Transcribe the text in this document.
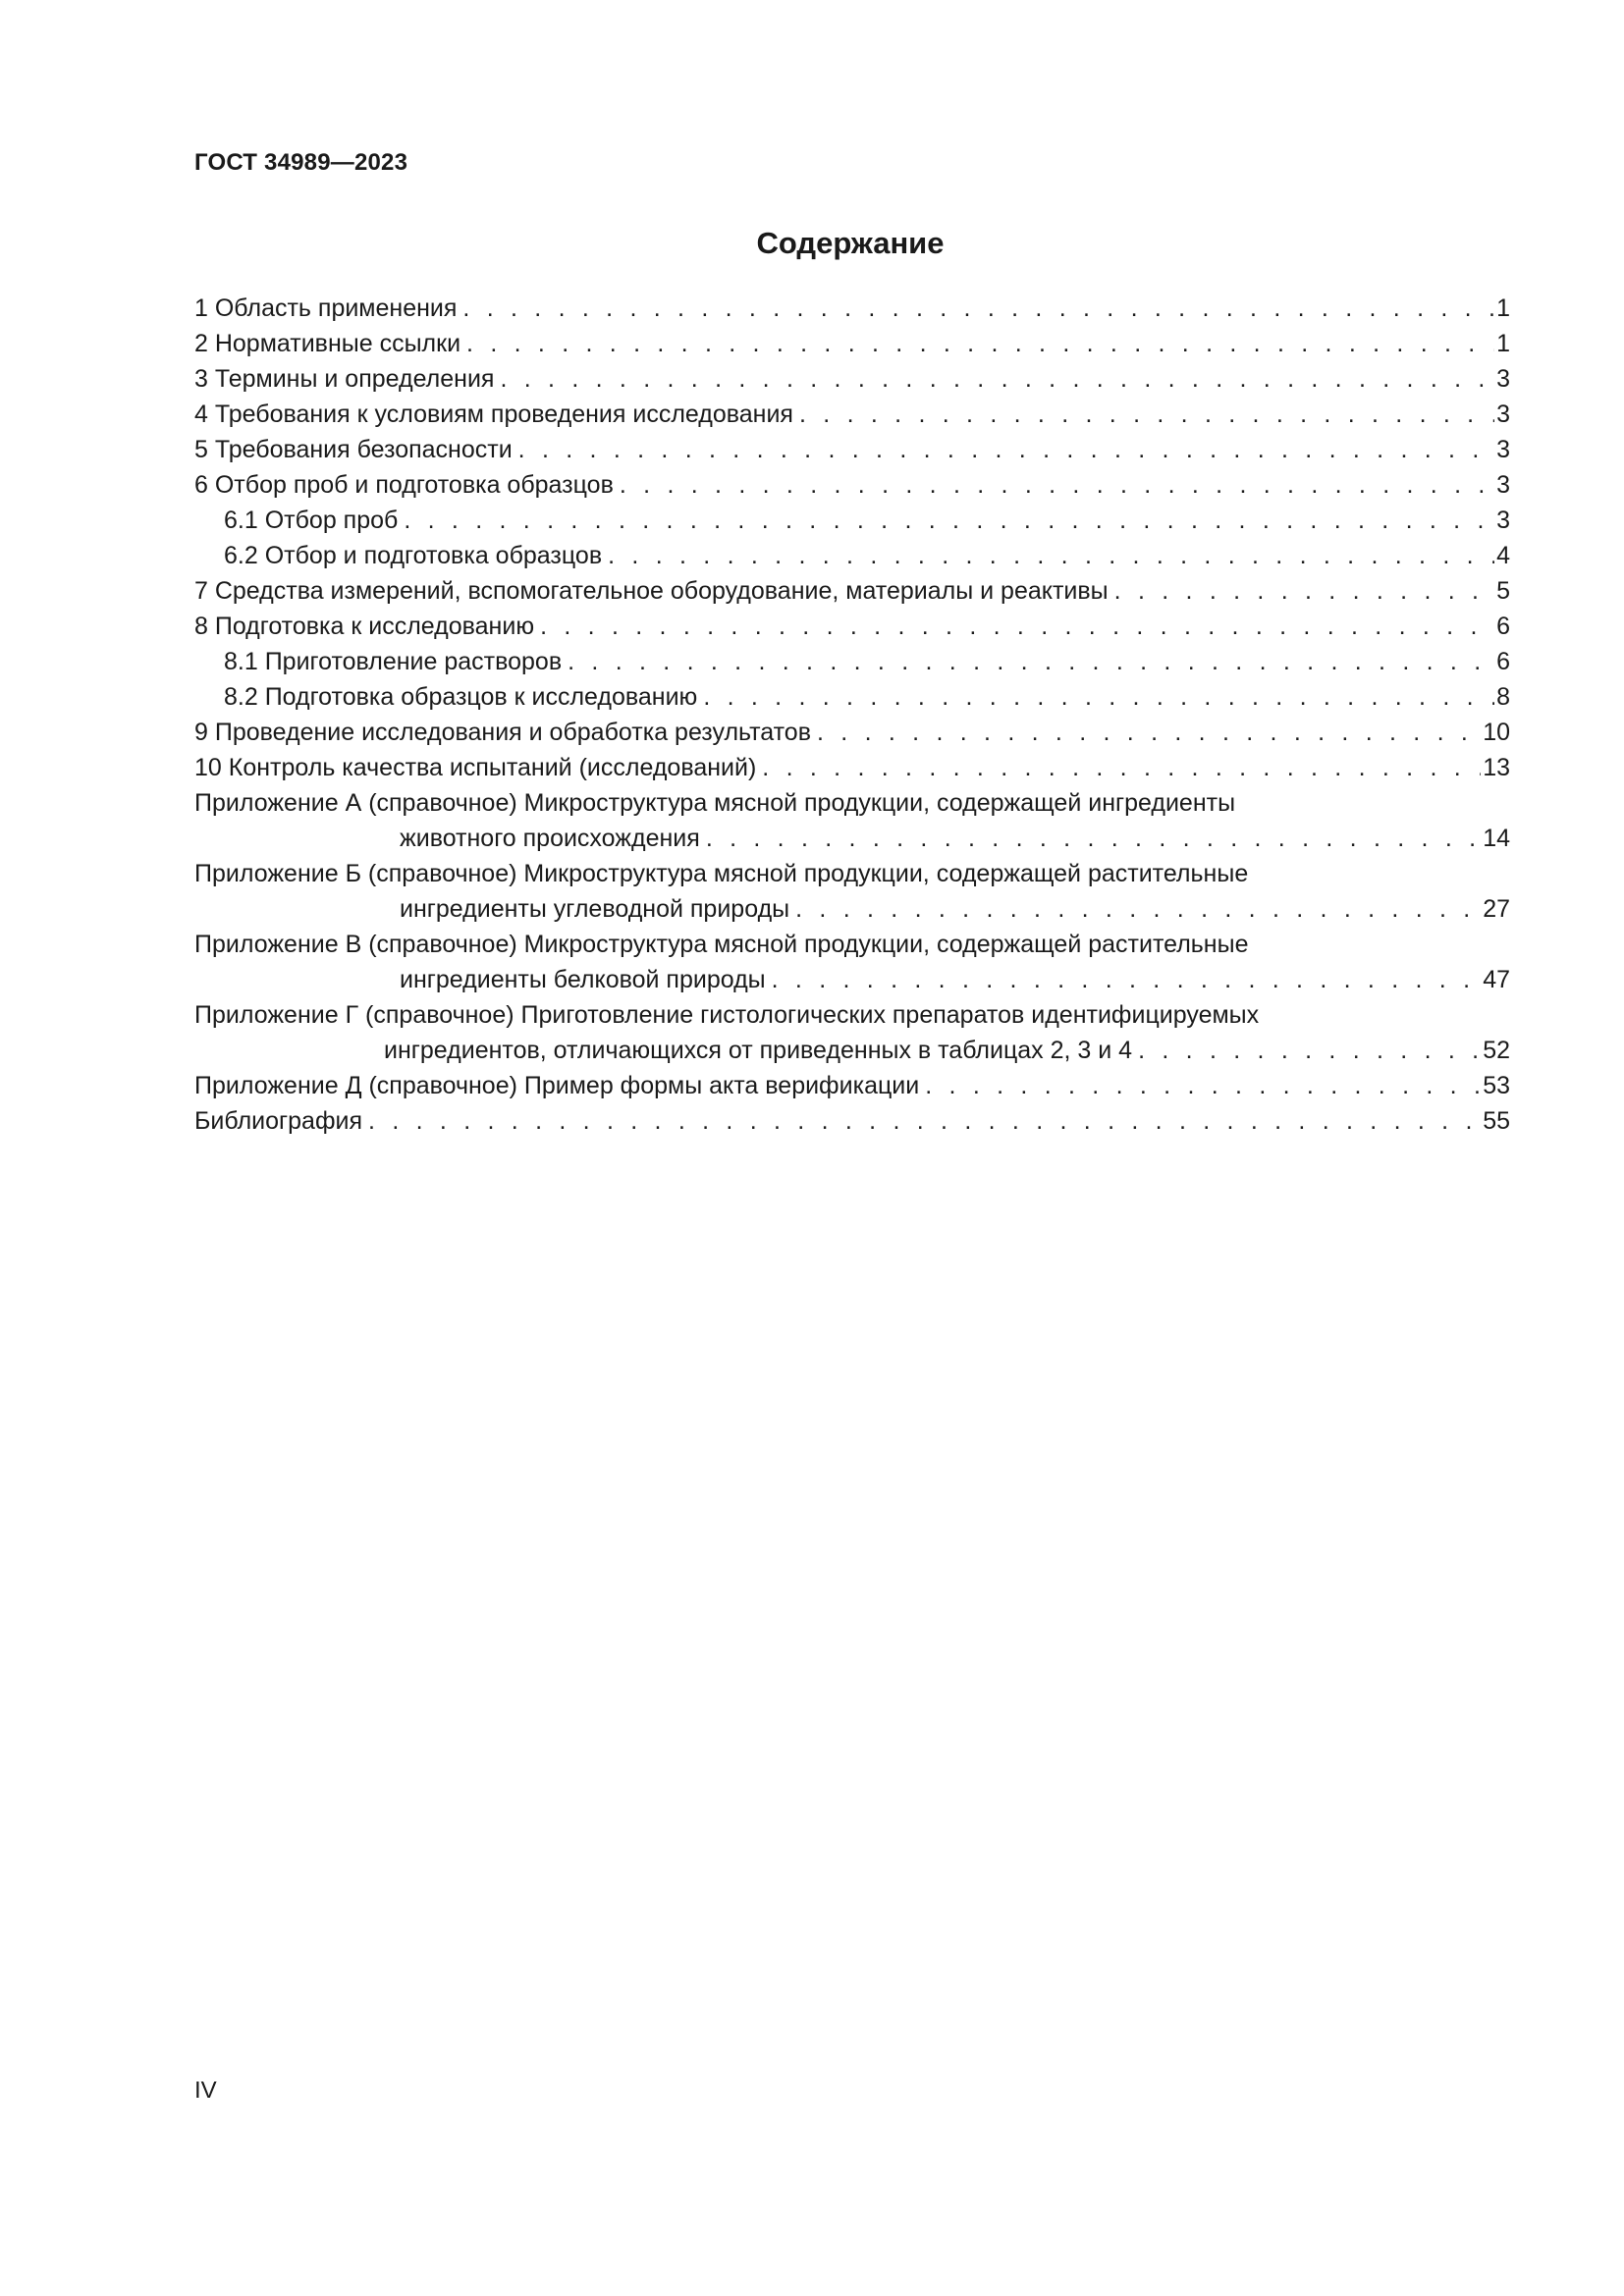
ГОСТ 34989—2023
Содержание
1 Область применения . . .	1
2 Нормативные ссылки . . .	1
3 Термины и определения . . .	3
4 Требования к условиям проведения исследования . . .	3
5 Требования безопасности . . .	3
6 Отбор проб и подготовка образцов . . .	3
6.1 Отбор проб . . .	3
6.2 Отбор и подготовка образцов . . .	4
7 Средства измерений, вспомогательное оборудование, материалы и реактивы . . .	5
8 Подготовка к исследованию . . .	6
8.1 Приготовление растворов . . .	6
8.2 Подготовка образцов к исследованию . . .	8
9 Проведение исследования и обработка результатов . . .	10
10 Контроль качества испытаний (исследований) . . .	13
Приложение А (справочное) Микроструктура мясной продукции, содержащей ингредиенты
животного происхождения . . .	14
Приложение Б (справочное) Микроструктура мясной продукции, содержащей растительные
ингредиенты углеводной природы . . .	27
Приложение В (справочное) Микроструктура мясной продукции, содержащей растительные
ингредиенты белковой природы . . .	47
Приложение Г (справочное) Приготовление гистологических препаратов идентифицируемых
ингредиентов, отличающихся от приведенных в таблицах 2, 3 и 4 . . .	52
Приложение Д (справочное) Пример формы акта верификации . . .	53
Библиография . . .	55
IV
